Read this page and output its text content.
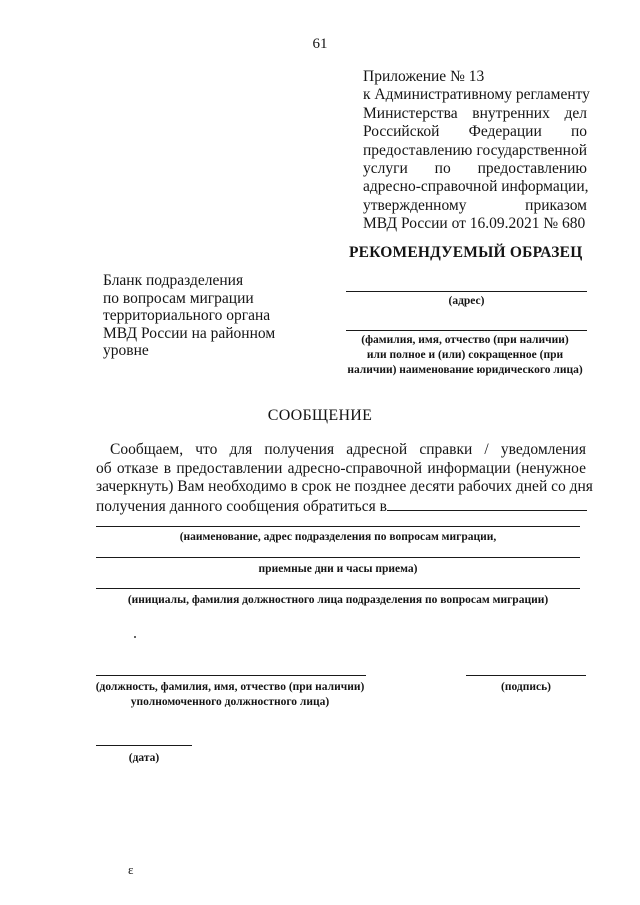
61
Приложение № 13
к Административному регламенту
Министерства внутренних дел
Российской Федерации по
предоставлению государственной
услуги по предоставлению
адресно-справочной информации,
утвержденному приказом
МВД России от 16.09.2021 № 680
РЕКОМЕНДУЕМЫЙ ОБРАЗЕЦ
Бланк подразделения
по вопросам миграции
территориального органа
МВД России на районном
уровне
(адрес)
(фамилия, имя, отчество (при наличии)
или полное и (или) сокращенное (при
наличии) наименование юридического лица)
СООБЩЕНИЕ
Сообщаем, что для получения адресной справки / уведомления
об отказе в предоставлении адресно-справочной информации (ненужное
зачеркнуть) Вам необходимо в срок не позднее десяти рабочих дней со дня
получения данного сообщения обратиться в
(наименование, адрес подразделения по вопросам миграции,
приемные дни и часы приема)
(инициалы, фамилия должностного лица подразделения по вопросам миграции)
(должность, фамилия, имя, отчество (при наличии)
уполномоченного должностного лица)
(подпись)
(дата)
ɛ
